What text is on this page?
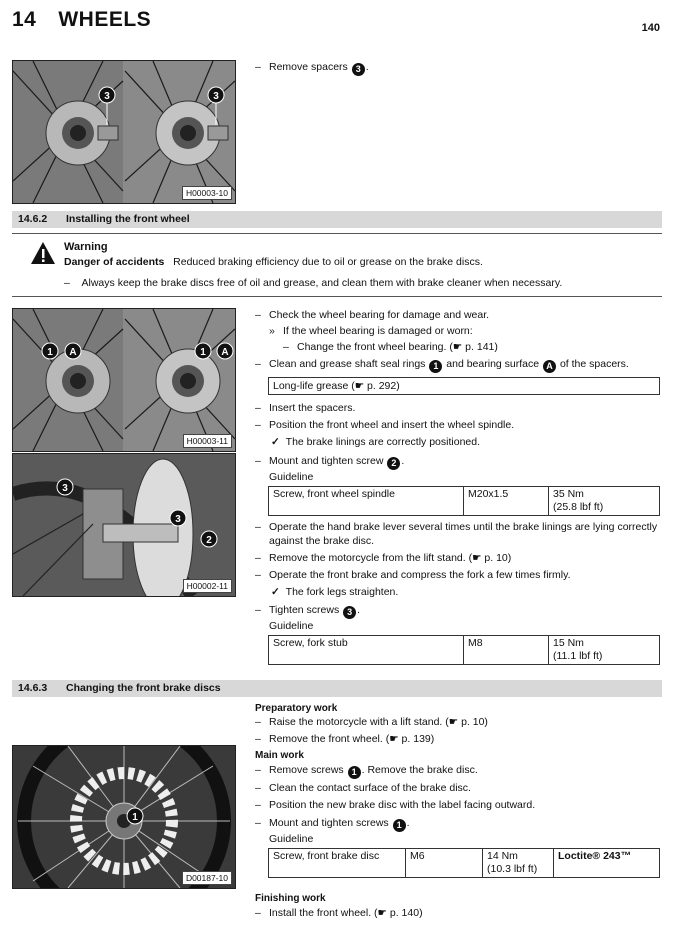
14 WHEELS	140
3	3
H00003-10
– Remove spacers 3 .
14.6.2 Installing the front wheel
Warning
Danger of accidents Reduced braking efficiency due to oil or grease on the brake discs.
–    Always keep the brake discs free of oil and grease, and clean them with brake cleaner when necessary.
1 A	1 A
H00003-11
3
3
2
H00002-11
– Check the wheel bearing for damage and wear.
» If the wheel bearing is damaged or worn:
– Change the front wheel bearing. (☛ p. 141)
– Clean and grease shaft seal rings 1 and bearing surface A of the spacers.
Long-life grease (☛ p. 292)
– Insert the spacers.
– Position the front wheel and insert the wheel spindle.
✓ The brake linings are correctly positioned.
– Mount and tighten screw 2 .
Guideline
Screw, front wheel spindle	M20x1.5	35 Nm
(25.8 lbf ft)
– Operate the hand brake lever several times until the brake linings are lying correctly against the brake disc.
– Remove the motorcycle from the lift stand. (☛ p. 10)
– Operate the front brake and compress the fork a few times firmly.
✓ The fork legs straighten.
– Tighten screws 3 .
Guideline
Screw, fork stub	M8	15 Nm
(11.1 lbf ft)
14.6.3 Changing the front brake discs
1
D00187-10
Preparatory work
– Raise the motorcycle with a lift stand. (☛ p. 10)
– Remove the front wheel. (☛ p. 139)
Main work
– Remove screws 1 . Remove the brake disc.
– Clean the contact surface of the brake disc.
– Position the new brake disc with the label facing outward.
– Mount and tighten screws 1 .
Guideline
Screw, front brake disc	M6	14 Nm
(10.3 lbf ft)
	Loctite® 243™
Finishing work
– Install the front wheel. (☛ p. 140)
